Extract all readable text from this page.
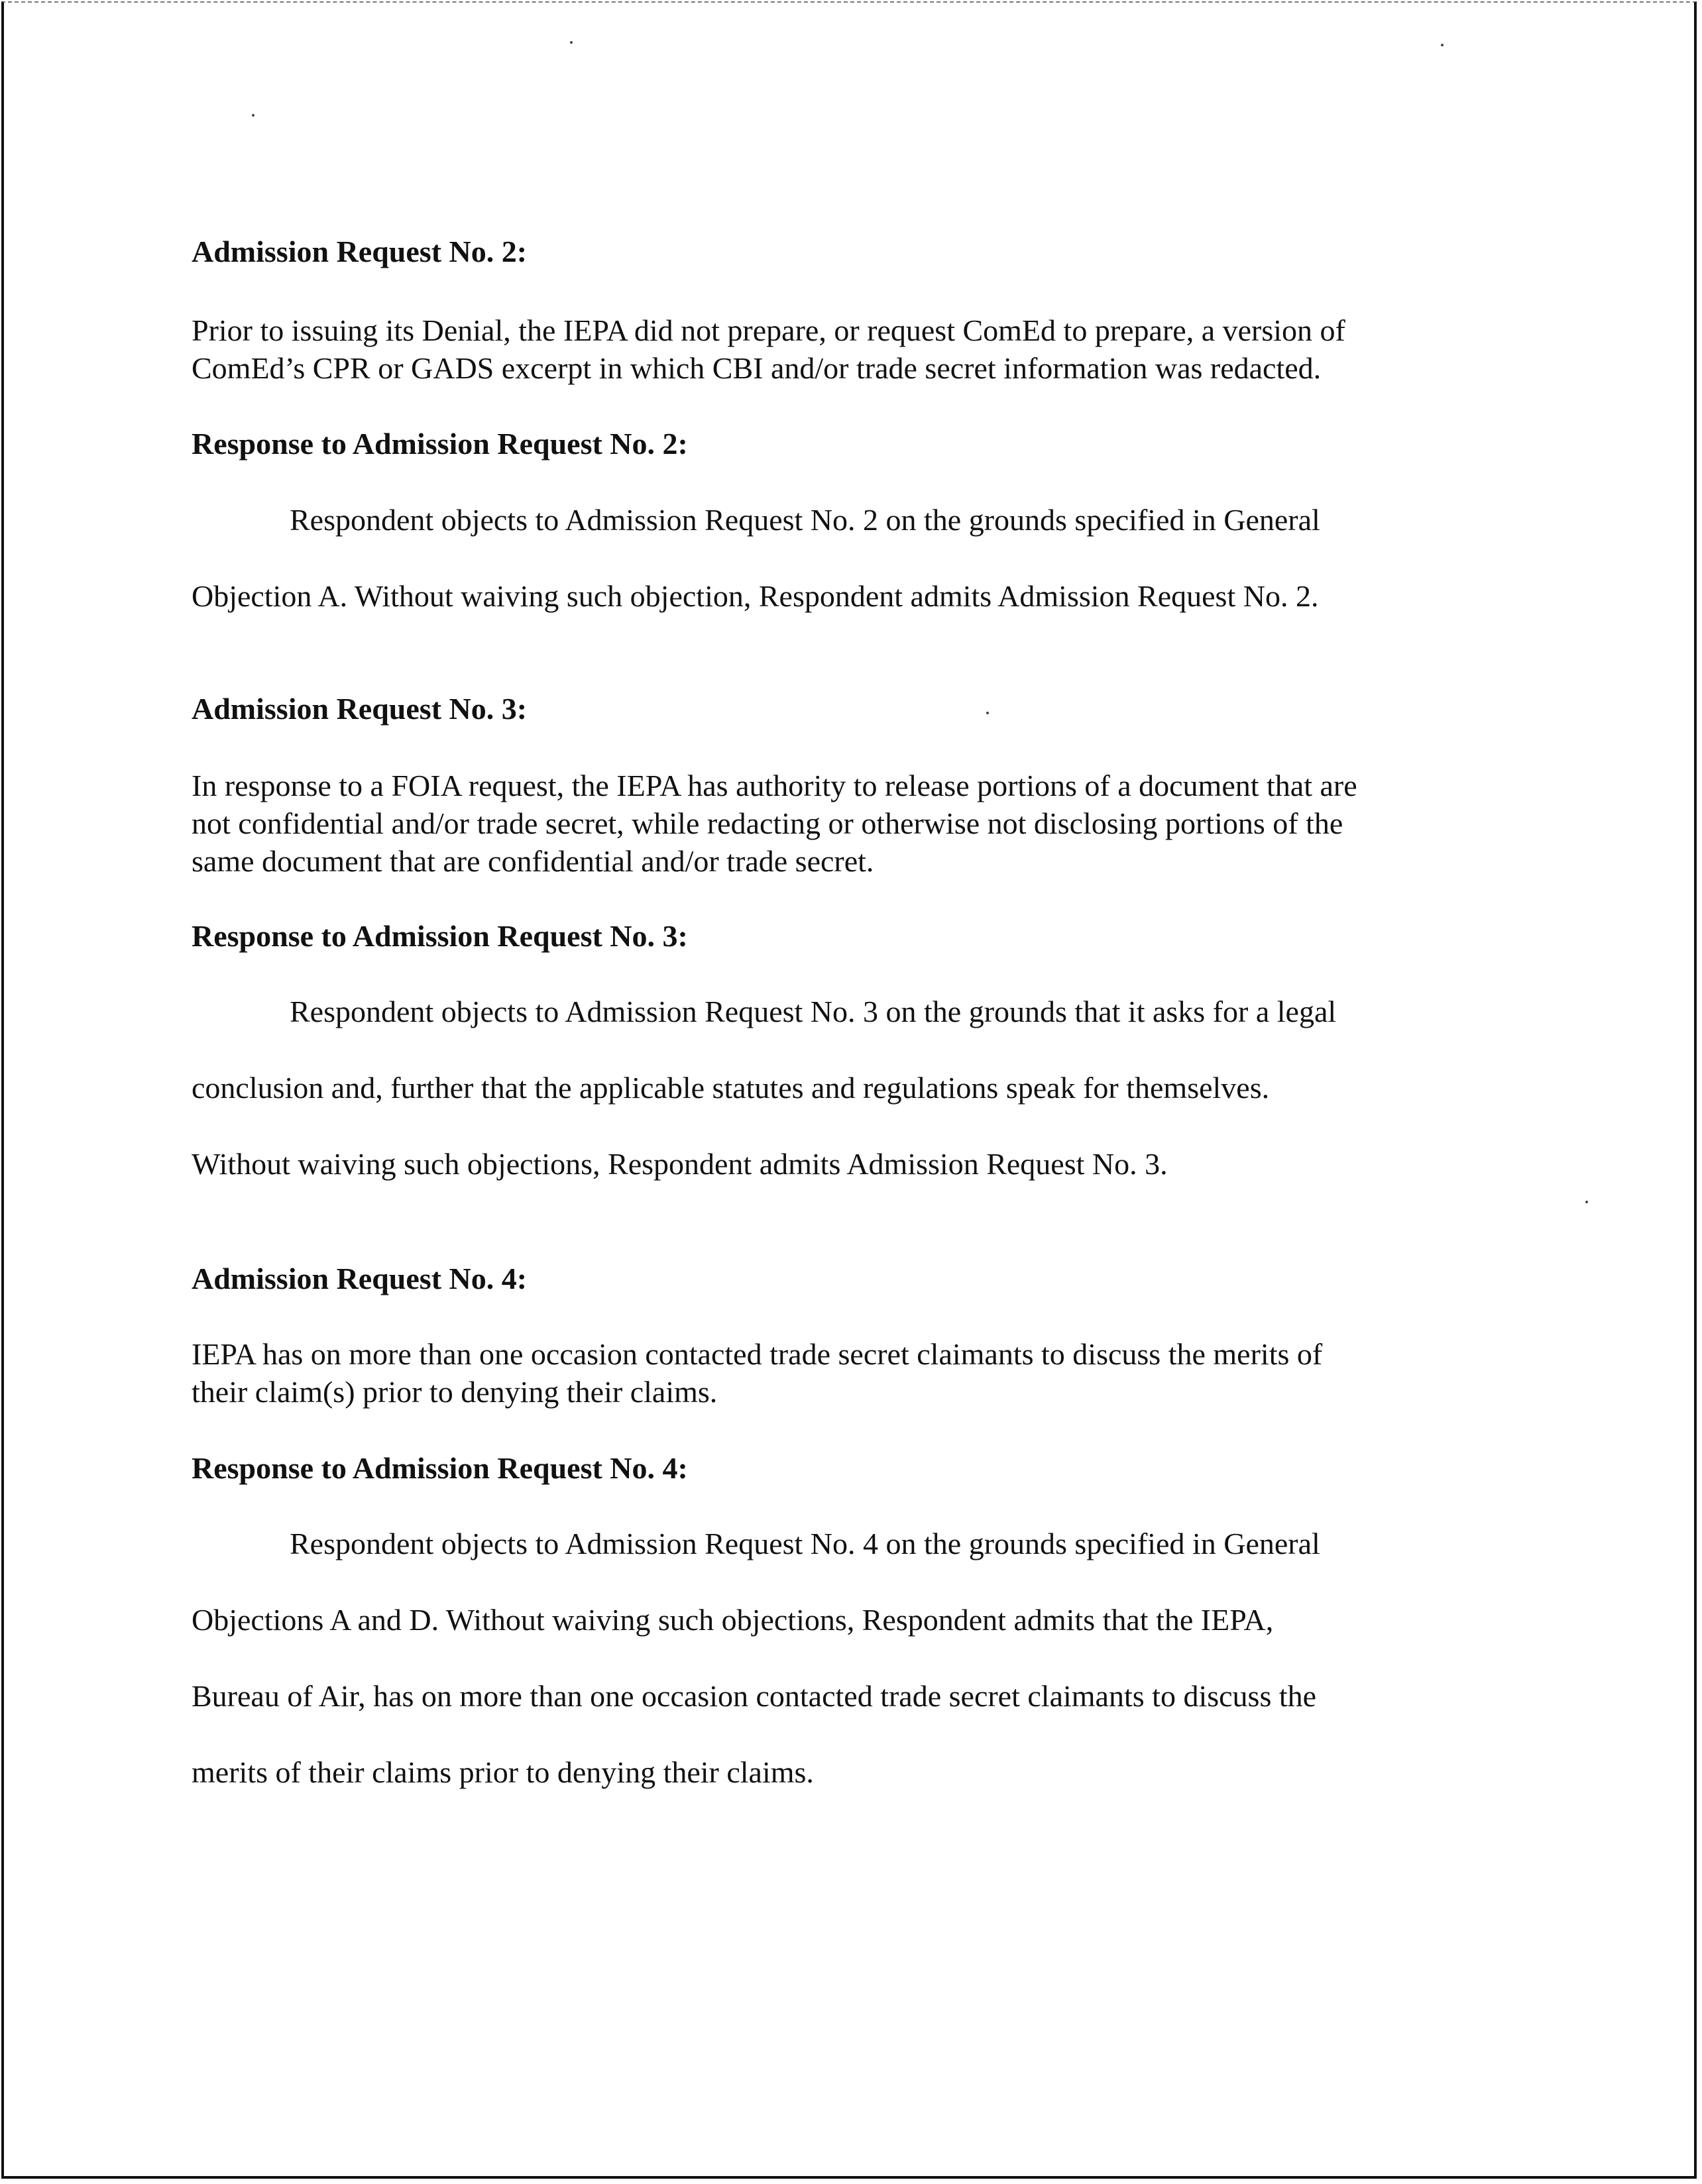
Admission Request No. 2:

Prior to issuing its Denial, the IEPA did not prepare, or request ComEd to prepare, a version of
ComEd’s CPR or GADS excerpt in which CBI and/or trade secret information was redacted.

Response to Admission Request No. 2:

Respondent objects to Admission Request No. 2 on the grounds specified in General
Objection A. Without waiving such objection, Respondent admits Admission Request No. 2.

Admission Request No. 3:

In response to a FOIA request, the IEPA has authority to release portions of a document that are
not confidential and/or trade secret, while redacting or otherwise not disclosing portions of the
same document that are confidential and/or trade secret.

Response to Admission Request No. 3:

Respondent objects to Admission Request No. 3 on the grounds that it asks for a legal
conclusion and, further that the applicable statutes and regulations speak for themselves.
Without waiving such objections, Respondent admits Admission Request No. 3.

Admission Request No. 4:

IEPA has on more than one occasion contacted trade secret claimants to discuss the merits of
their claim(s) prior to denying their claims.

Response to Admission Request No. 4:

Respondent objects to Admission Request No. 4 on the grounds specified in General
Objections A and D. Without waiving such objections, Respondent admits that the IEPA,
Bureau of Air, has on more than one occasion contacted trade secret claimants to discuss the
merits of their claims prior to denying their claims.
